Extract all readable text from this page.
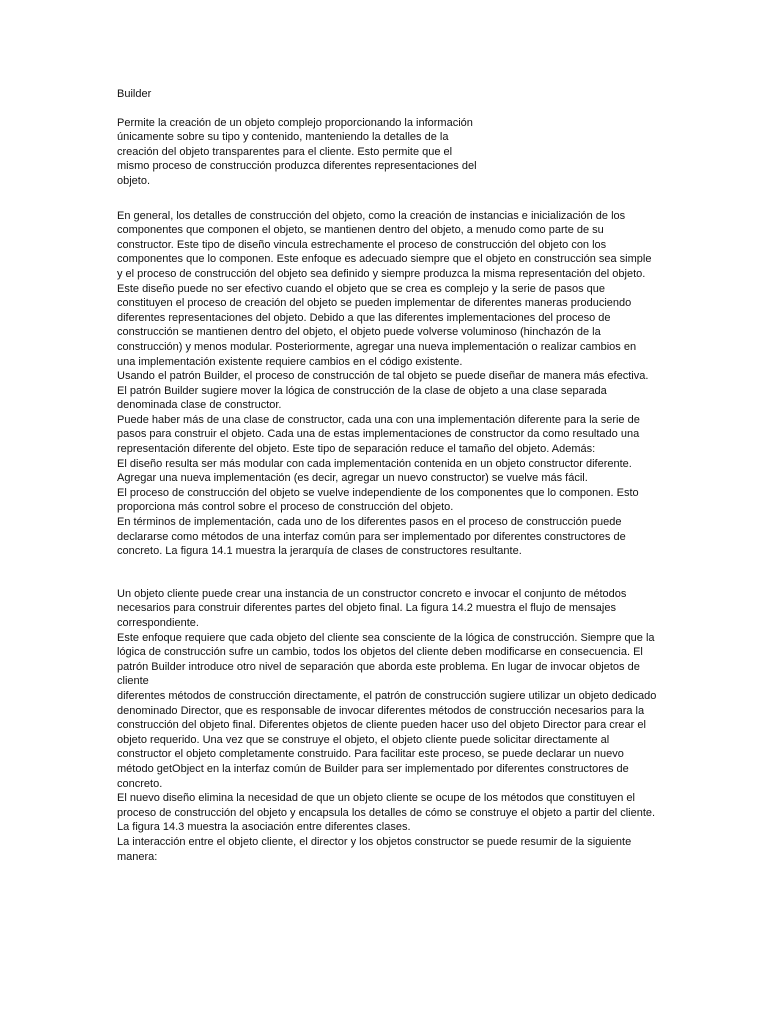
Builder
Permite la creación de un objeto complejo proporcionando la información únicamente sobre su tipo y contenido, manteniendo la detalles de la creación del objeto transparentes para el cliente. Esto permite que el mismo proceso de construcción produzca diferentes representaciones del objeto.
En general, los detalles de construcción del objeto, como la creación de instancias e inicialización de los componentes que componen el objeto, se mantienen dentro del objeto, a menudo como parte de su constructor. Este tipo de diseño vincula estrechamente el proceso de construcción del objeto con los componentes que lo componen. Este enfoque es adecuado siempre que el objeto en construcción sea simple y el proceso de construcción del objeto sea definido y siempre produzca la misma representación del objeto.
Este diseño puede no ser efectivo cuando el objeto que se crea es complejo y la serie de pasos que constituyen el proceso de creación del objeto se pueden implementar de diferentes maneras produciendo diferentes representaciones del objeto. Debido a que las diferentes implementaciones del proceso de construcción se mantienen dentro del objeto, el objeto puede volverse voluminoso (hinchazón de la construcción) y menos modular. Posteriormente, agregar una nueva implementación o realizar cambios en una implementación existente requiere cambios en el código existente.
Usando el patrón Builder, el proceso de construcción de tal objeto se puede diseñar de manera más efectiva. El patrón Builder sugiere mover la lógica de construcción de la clase de objeto a una clase separada denominada clase de constructor.
Puede haber más de una clase de constructor, cada una con una implementación diferente para la serie de pasos para construir el objeto. Cada una de estas implementaciones de constructor da como resultado una representación diferente del objeto. Este tipo de separación reduce el tamaño del objeto. Además:
El diseño resulta ser más modular con cada implementación contenida en un objeto constructor diferente.
Agregar una nueva implementación (es decir, agregar un nuevo constructor) se vuelve más fácil.
El proceso de construcción del objeto se vuelve independiente de los componentes que lo componen. Esto proporciona más control sobre el proceso de construcción del objeto.
En términos de implementación, cada uno de los diferentes pasos en el proceso de construcción puede declararse como métodos de una interfaz común para ser implementado por diferentes constructores de concreto. La figura 14.1 muestra la jerarquía de clases de constructores resultante.
Un objeto cliente puede crear una instancia de un constructor concreto e invocar el conjunto de métodos necesarios para construir diferentes partes del objeto final. La figura 14.2 muestra el flujo de mensajes correspondiente.
Este enfoque requiere que cada objeto del cliente sea consciente de la lógica de construcción. Siempre que la lógica de construcción sufre un cambio, todos los objetos del cliente deben modificarse en consecuencia. El patrón Builder introduce otro nivel de separación que aborda este problema. En lugar de invocar objetos de cliente
diferentes métodos de construcción directamente, el patrón de construcción sugiere utilizar un objeto dedicado denominado Director, que es responsable de invocar diferentes métodos de construcción necesarios para la construcción del objeto final. Diferentes objetos de cliente pueden hacer uso del objeto Director para crear el objeto requerido. Una vez que se construye el objeto, el objeto cliente puede solicitar directamente al constructor el objeto completamente construido. Para facilitar este proceso, se puede declarar un nuevo método getObject en la interfaz común de Builder para ser implementado por diferentes constructores de concreto.
El nuevo diseño elimina la necesidad de que un objeto cliente se ocupe de los métodos que constituyen el proceso de construcción del objeto y encapsula los detalles de cómo se construye el objeto a partir del cliente. La figura 14.3 muestra la asociación entre diferentes clases.
La interacción entre el objeto cliente, el director y los objetos constructor se puede resumir de la siguiente manera:
